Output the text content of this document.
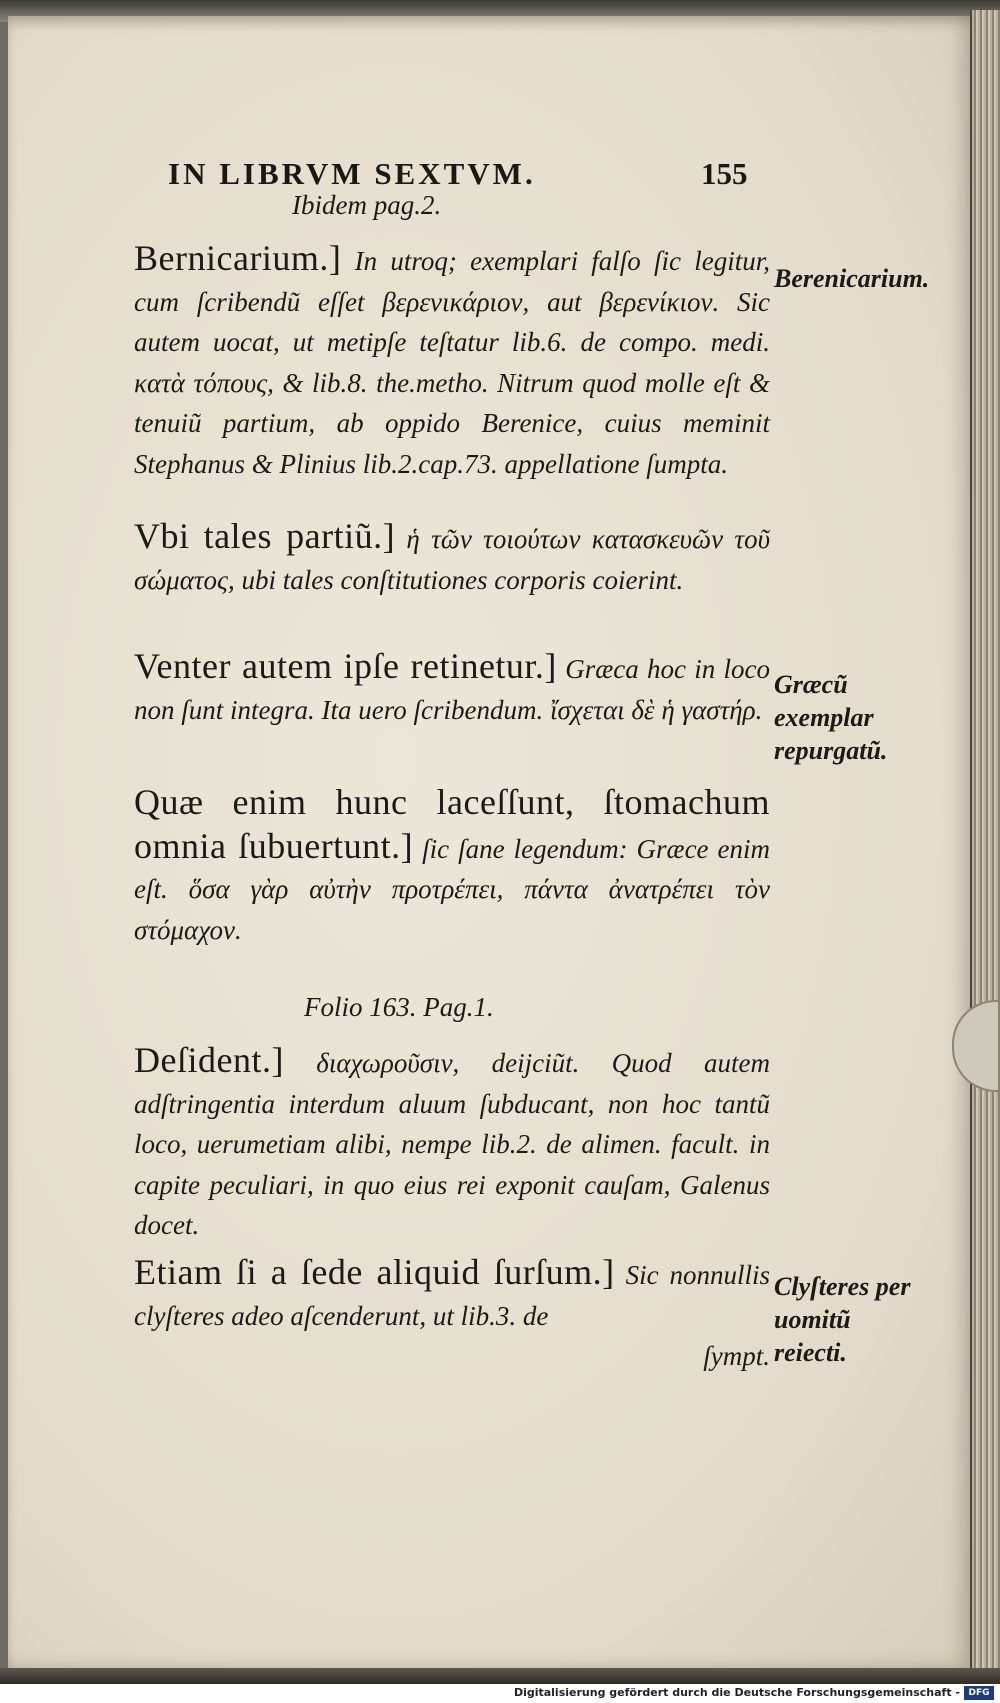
IN LIBRVM SEXTVM.	155

Ibidem pag.2.

Bernicarium.] In utroq; exemplari falſo ſic legitur, cum ſcribendũ eſſet βερενικάριον, aut βερενίκιον. Sic autem uocat, ut metipſe teſtatur lib.6. de compo. medi. κατὰ τόπους, & lib.8. the.metho. Nitrum quod molle eſt & tenuiũ partium, ab oppido Berenice, cuius meminit Stephanus & Plinius lib.2.cap.73. appellatione ſumpta.

Berenicarium.

Vbi tales partiũ.] ἡ τῶν τοιούτων κατασκευῶν τοῦ σώματος, ubi tales conſtitutiones corporis coierint.

Venter autem ipſe retinetur.] Græca hoc in loco non ſunt integra. Ita uero ſcribendum. ἴσχεται δὲ ἡ γαστήρ.

Græcũ exemplar repurgatũ.

Quæ enim hunc laceſſunt, ſtomachum omnia ſubuertunt.] ſic ſane legendum: Græce enim eſt. ὅσα γὰρ αὐτὴν προτρέπει, πάντα ἀνατρέπει τὸν στόμαχον.

Folio 163. Pag.1.

Deſident.] διαχωροῦσιν, deijciũt. Quod autem adſtringentia interdum aluum ſubducant, non hoc tantũ loco, uerumetiam alibi, nempe lib.2. de alimen. facult. in capite peculiari, in quo eius rei exponit cauſam, Galenus docet.

Etiam ſi a ſede aliquid ſurſum.] Sic nonnullis clyſteres adeo aſcenderunt, ut lib.3. de

ſympt.

Clyſteres per uomitũ reiecti.

Digitalisierung gefördert durch die Deutsche Forschungsgemeinschaft - DFG
